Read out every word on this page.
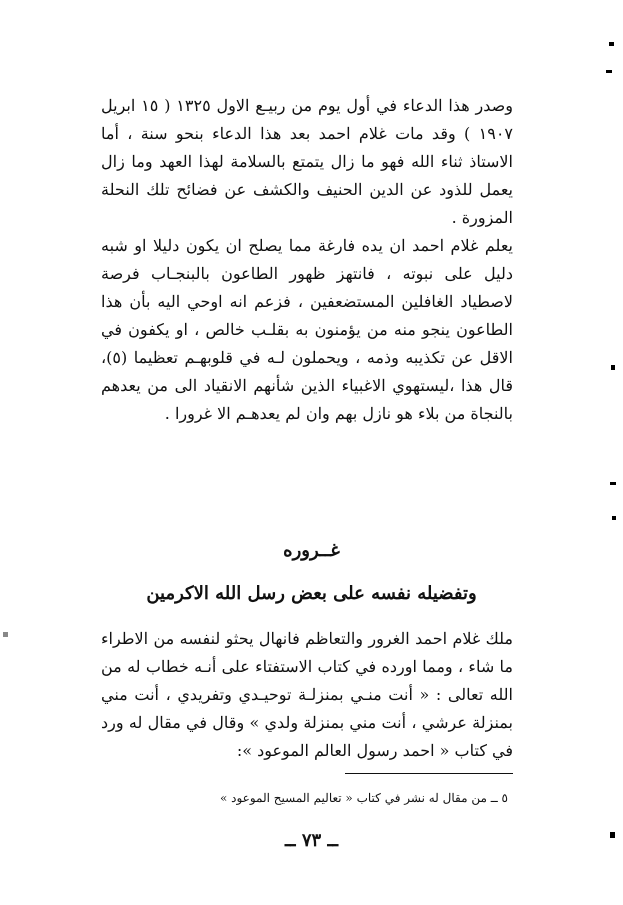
وصدر هذا الدعاء في أول يوم من ربيـع الاول ١٣٢٥ ( ١٥ ابريل ١٩٠٧ ) وقد مات غلام احمد بعد هذا الدعاء بنحو سنة ، أما الاستاذ ثناء الله فهو ما زال يتمتع بالسلامة لهذا العهد وما زال يعمل للذود عن الدين الحنيف والكشف عن فضائح تلك النحلة المزورة .

يعلم غلام احمد ان يده فارغة مما يصلح ان يكون دليلا او شبه دليل على نبوته ، فانتهز ظهور الطاعون بالبنجـاب فرصة لاصطياد الغافلين المستضعفين ، فزعم انه اوحي اليه بأن هذا الطاعون ينجو منه من يؤمنون به بقلـب خالص ، او يكفون في الاقل عن تكذيبه وذمه ، ويحملون لـه في قلوبهـم تعظيما (٥)، قال هذا ،ليستهوي الاغبياء الذين شأنهم الانقياد الى من يعدهم بالنجاة من بلاء هو نازل بهم وان لم يعدهـم الا غرورا .

غــروره

وتفضيله نفسه على بعض رسل الله الاكرمين

ملك غلام احمد الغرور والتعاظم فانهال يحثو لنفسه من الاطراء ما شاء ، ومما اورده في كتاب الاستفتاء على أنـه خطاب له من الله تعالى : « أنت منـي بمنزلـة توحيـدي وتفريدي ، أنت مني بمنزلة عرشي ، أنت مني بمنزلة ولدي » وقال في مقال له ورد في كتاب « احمد رسول العالم الموعود »:

٥ ــ من مقال له نشر في كتاب « تعاليم المسيح الموعود »

ــ ٧٣ ــ
